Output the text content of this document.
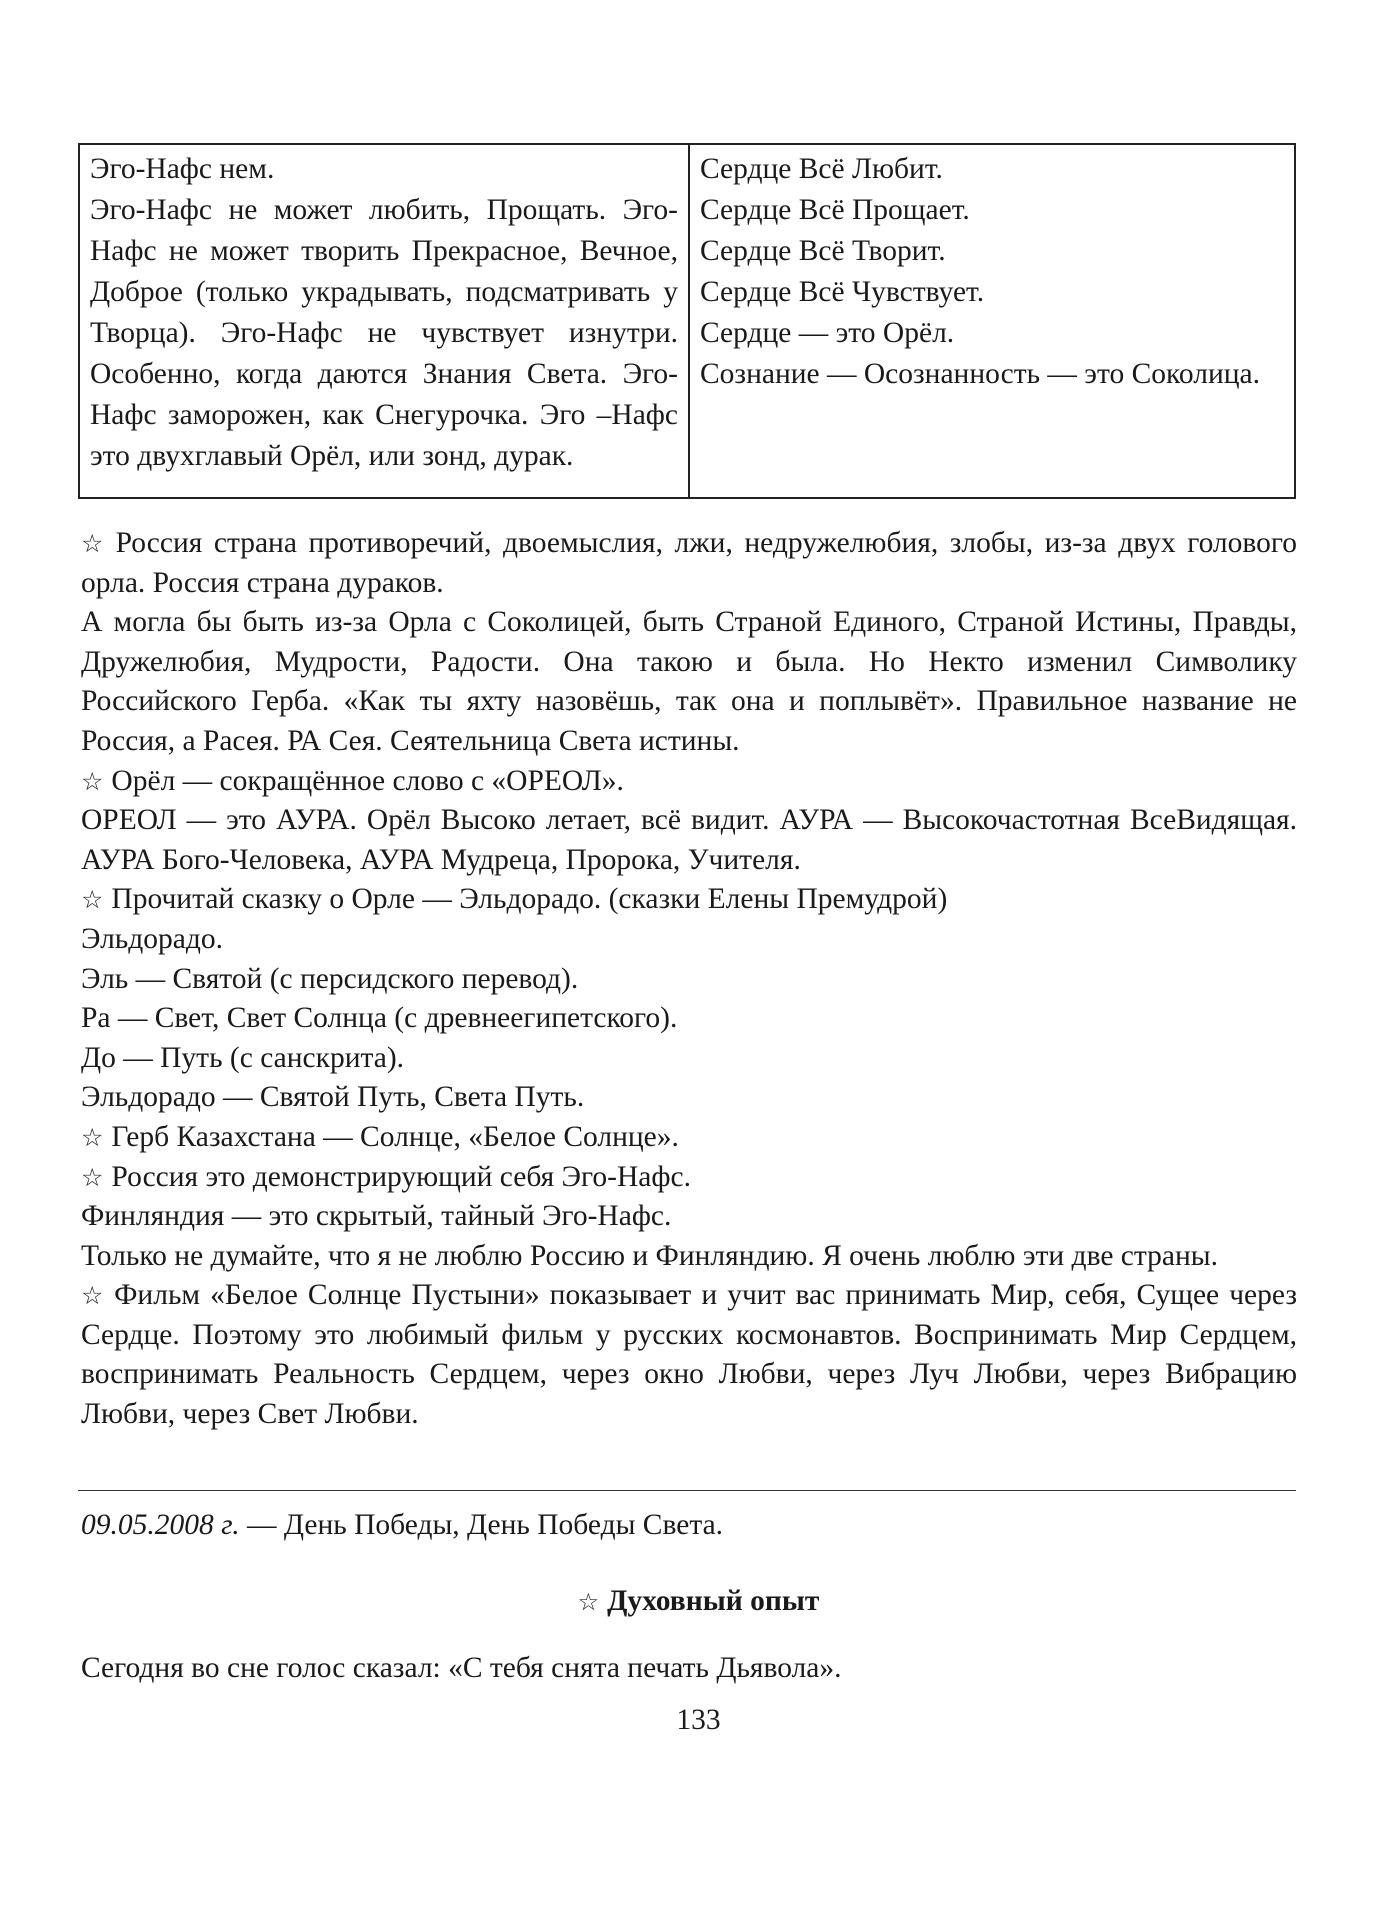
Эго-Нафс нем.
Эго-Нафс не может любить, Прощать. Эго-Нафс не может творить Прекрасное, Вечное, Доброе (только украдывать, подсматривать у Творца). Эго-Нафс не чувствует изнутри. Особенно, когда даются Знания Света. Эго-Нафс заморожен, как Снегурочка. Эго –Нафс это двухглавый Орёл, или зонд, дурак.
Сердце Всё Любит.
Сердце Всё Прощает.
Сердце Всё Творит.
Сердце Всё Чувствует.
Сердце — это Орёл.
Сознание — Осознанность — это Соколица.

☆ Россия страна противоречий, двоемыслия, лжи, недружелюбия, злобы, из-за двух голового орла. Россия страна дураков.

А могла бы быть из-за Орла с Соколицей, быть Страной Единого, Страной Истины, Правды, Дружелюбия, Мудрости, Радости. Она такою и была. Но Некто изменил Символику Российского Герба. «Как ты яхту назовёшь, так она и поплывёт». Правильное название не Россия, а Расея. РА Сея. Сеятельница Света истины.

☆ Орёл — сокращённое слово с «ОРЕОЛ».

ОРЕОЛ — это АУРА. Орёл Высоко летает, всё видит. АУРА — Высокочастотная ВсеВидящая. АУРА Бого-Человека, АУРА Мудреца, Пророка, Учителя.

☆ Прочитай сказку о Орле — Эльдорадо. (сказки Елены Премудрой)

Эльдорадо.

Эль — Святой (с персидского перевод).

Ра — Свет, Свет Солнца (с древнеегипетского).

До — Путь (с санскрита).

Эльдорадо — Святой Путь, Света Путь.

☆ Герб Казахстана — Солнце, «Белое Солнце».

☆ Россия это демонстрирующий себя Эго-Нафс.

Финляндия — это скрытый, тайный Эго-Нафс.

Только не думайте, что я не люблю Россию и Финляндию. Я очень люблю эти две страны.

☆ Фильм «Белое Солнце Пустыни» показывает и учит вас принимать Мир, себя, Сущее через Сердце. Поэтому это любимый фильм у русских космонавтов. Воспринимать Мир Сердцем, воспринимать Реальность Сердцем, через окно Любви, через Луч Любви, через Вибрацию Любви, через Свет Любви.

09.05.2008 г. — День Победы, День Победы Света.
☆ Духовный опыт
Сегодня во сне голос сказал: «С тебя снята печать Дьявола».
133
